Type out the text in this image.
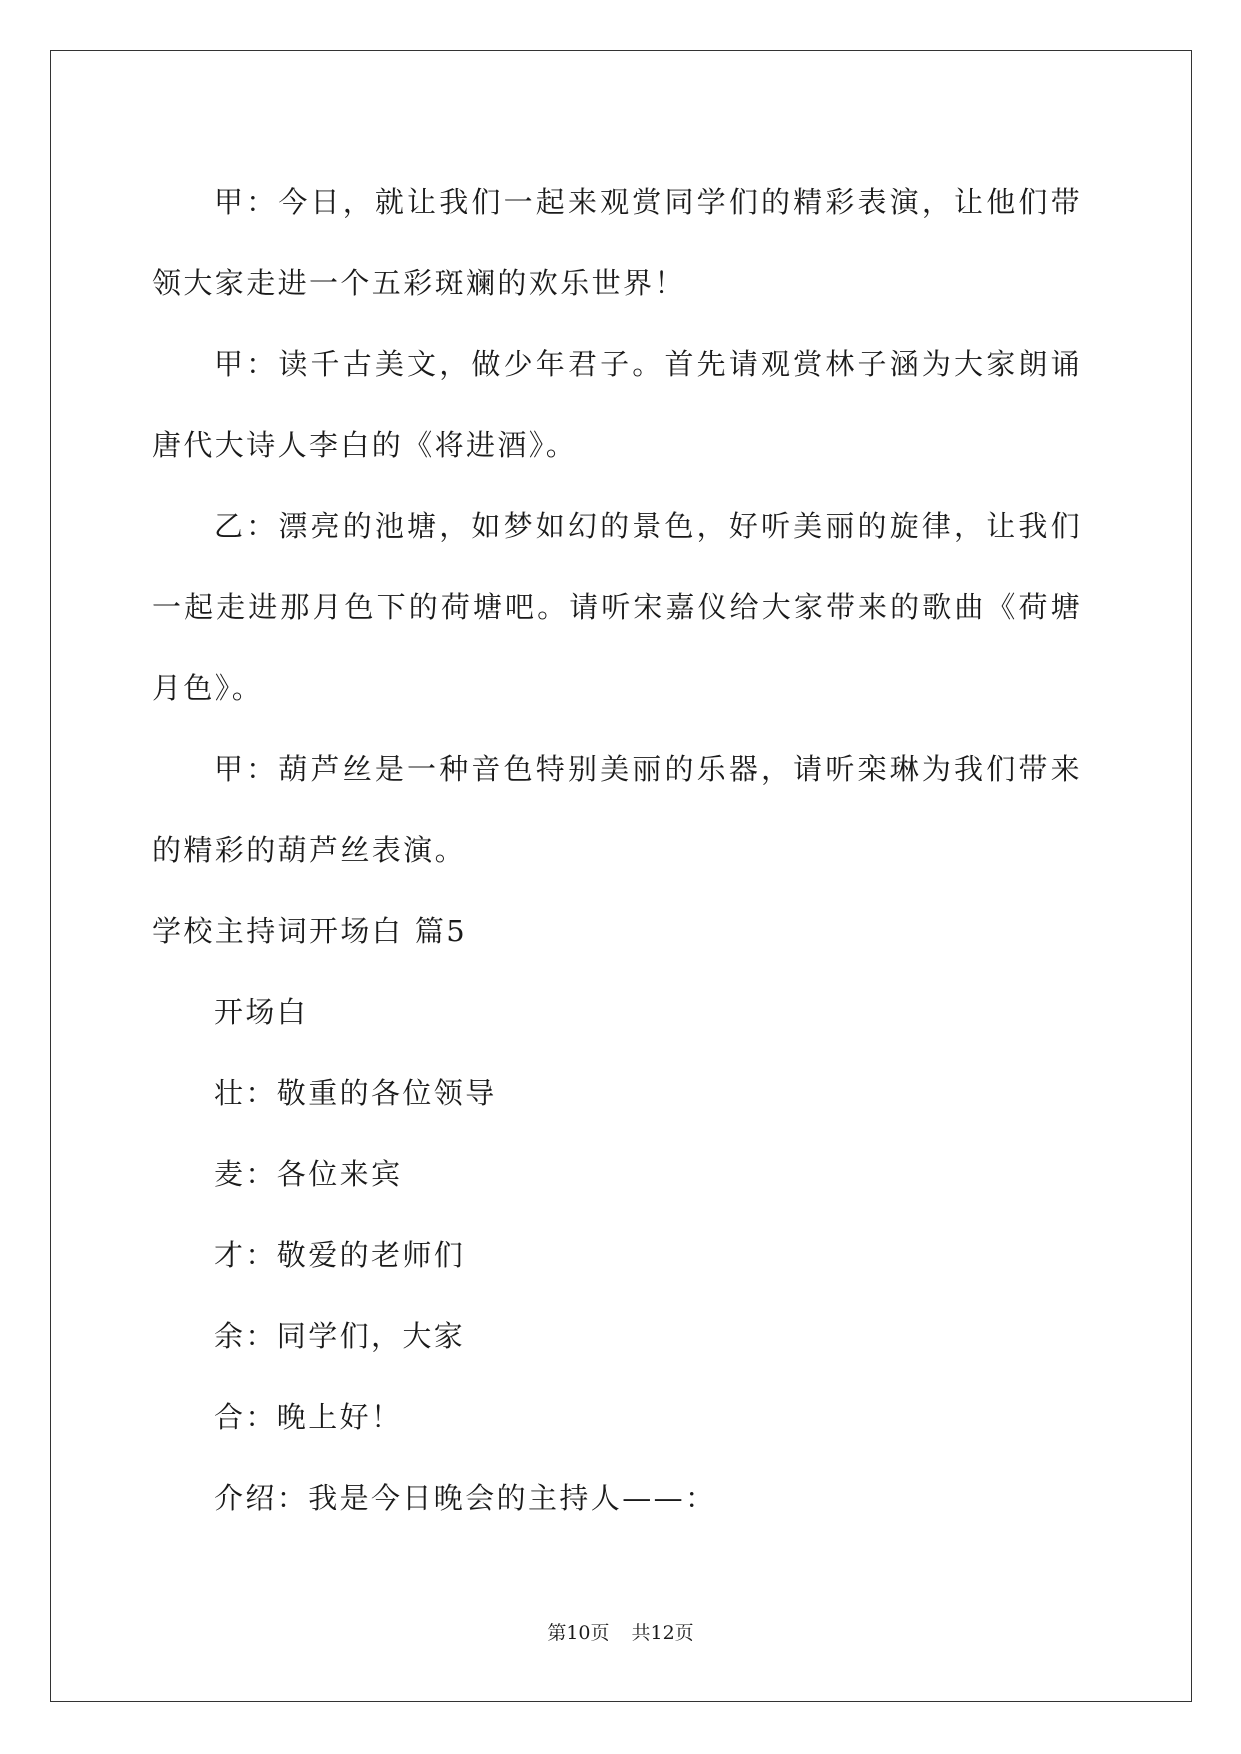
甲：今日，就让我们一起来观赏同学们的精彩表演，让他们带领大家走进一个五彩斑斓的欢乐世界！

甲：读千古美文，做少年君子。首先请观赏林子涵为大家朗诵唐代大诗人李白的《将进酒》。

乙：漂亮的池塘，如梦如幻的景色，好听美丽的旋律，让我们一起走进那月色下的荷塘吧。请听宋嘉仪给大家带来的歌曲《荷塘月色》。

甲：葫芦丝是一种音色特别美丽的乐器，请听栾琳为我们带来的精彩的葫芦丝表演。

学校主持词开场白 篇5

开场白

壮：敬重的各位领导

麦：各位来宾

才：敬爱的老师们

余：同学们，大家

合：晚上好！

介绍：我是今日晚会的主持人——：

第10页 共12页
